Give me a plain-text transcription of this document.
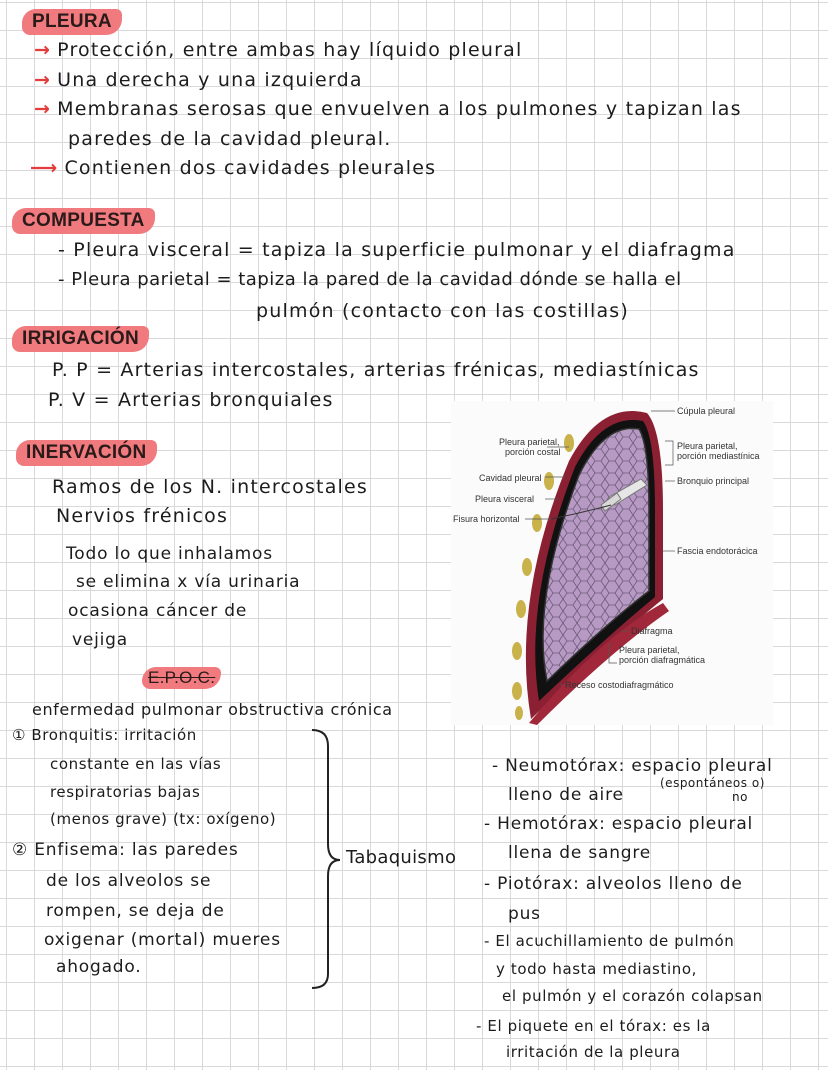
PLEURA
→ Protección, entre ambas hay líquido pleural
→ Una derecha y una izquierda
→ Membranas serosas que envuelven a los pulmones y tapizan las
paredes de la cavidad pleural.
⟶ Contienen dos cavidades pleurales
COMPUESTA
- Pleura visceral = tapiza la superficie pulmonar y el diafragma
- Pleura parietal = tapiza la pared de la cavidad dónde se halla el
pulmón (contacto con las costillas)
IRRIGACIÓN
P. P = Arterias intercostales, arterias frénicas, mediastínicas
P. V = Arterias bronquiales
INERVACIÓN
Ramos de los N. intercostales
Nervios frénicos
Todo lo que inhalamos
se elimina x vía urinaria
ocasiona cáncer de
vejiga
E.P.O.C.
enfermedad pulmonar obstructiva crónica
① Bronquitis: irritación
constante en las vías
respiratorias bajas
(menos grave) (tx: oxígeno)
② Enfisema: las paredes
de los alveolos se
rompen, se deja de
oxigenar (mortal) mueres
ahogado.
Tabaquismo
- Neumotórax: espacio pleural
lleno de aire
(espontáneos o)
no
- Hemotórax: espacio pleural
llena de sangre
- Piotórax: alveolos lleno de
pus
- El acuchillamiento de pulmón
y todo hasta mediastino,
el pulmón y el corazón colapsan
- El piquete en el tórax: es la
irritación de la pleura
Cúpula pleural
Pleura parietal,
porción costal
Pleura parietal,
porción mediastínica
Cavidad pleural	Bronquio principal
Pleura visceral
Fisura horizontal
Fascia endotorácica
Diafragma
Pleura parietal,
porción diafragmática
Receso costodiafragmático
